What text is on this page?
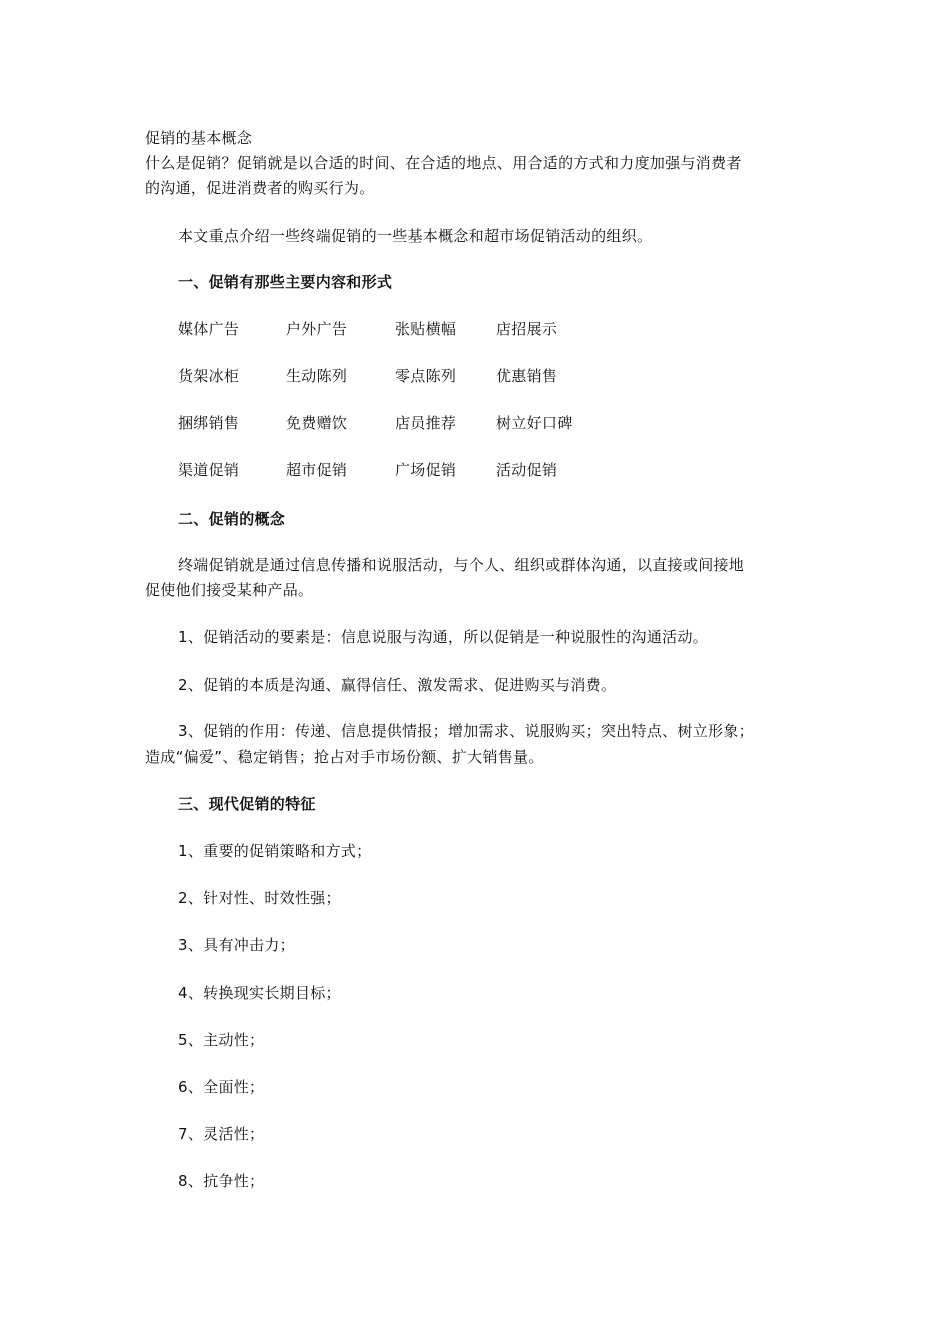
促销的基本概念
什么是促销？促销就是以合适的时间、在合适的地点、用合适的方式和力度加强与消费者
的沟通，促进消费者的购买行为。
本文重点介绍一些终端促销的一些基本概念和超市场促销活动的组织。
一、促销有那些主要内容和形式
媒体广告	户外广告	张贴横幅	店招展示
货架冰柜	生动陈列	零点陈列	优惠销售
捆绑销售	免费赠饮	店员推荐	树立好口碑
渠道促销	超市促销	广场促销	活动促销
二、促销的概念
终端促销就是通过信息传播和说服活动，与个人、组织或群体沟通，以直接或间接地
促使他们接受某种产品。
1、促销活动的要素是：信息说服与沟通，所以促销是一种说服性的沟通活动。
2、促销的本质是沟通、赢得信任、激发需求、促进购买与消费。
3、促销的作用：传递、信息提供情报；增加需求、说服购买；突出特点、树立形象；
造成“偏爱”、稳定销售；抢占对手市场份额、扩大销售量。
三、现代促销的特征
1、重要的促销策略和方式；
2、针对性、时效性强；
3、具有冲击力；
4、转换现实长期目标；
5、主动性；
6、全面性；
7、灵活性；
8、抗争性；
